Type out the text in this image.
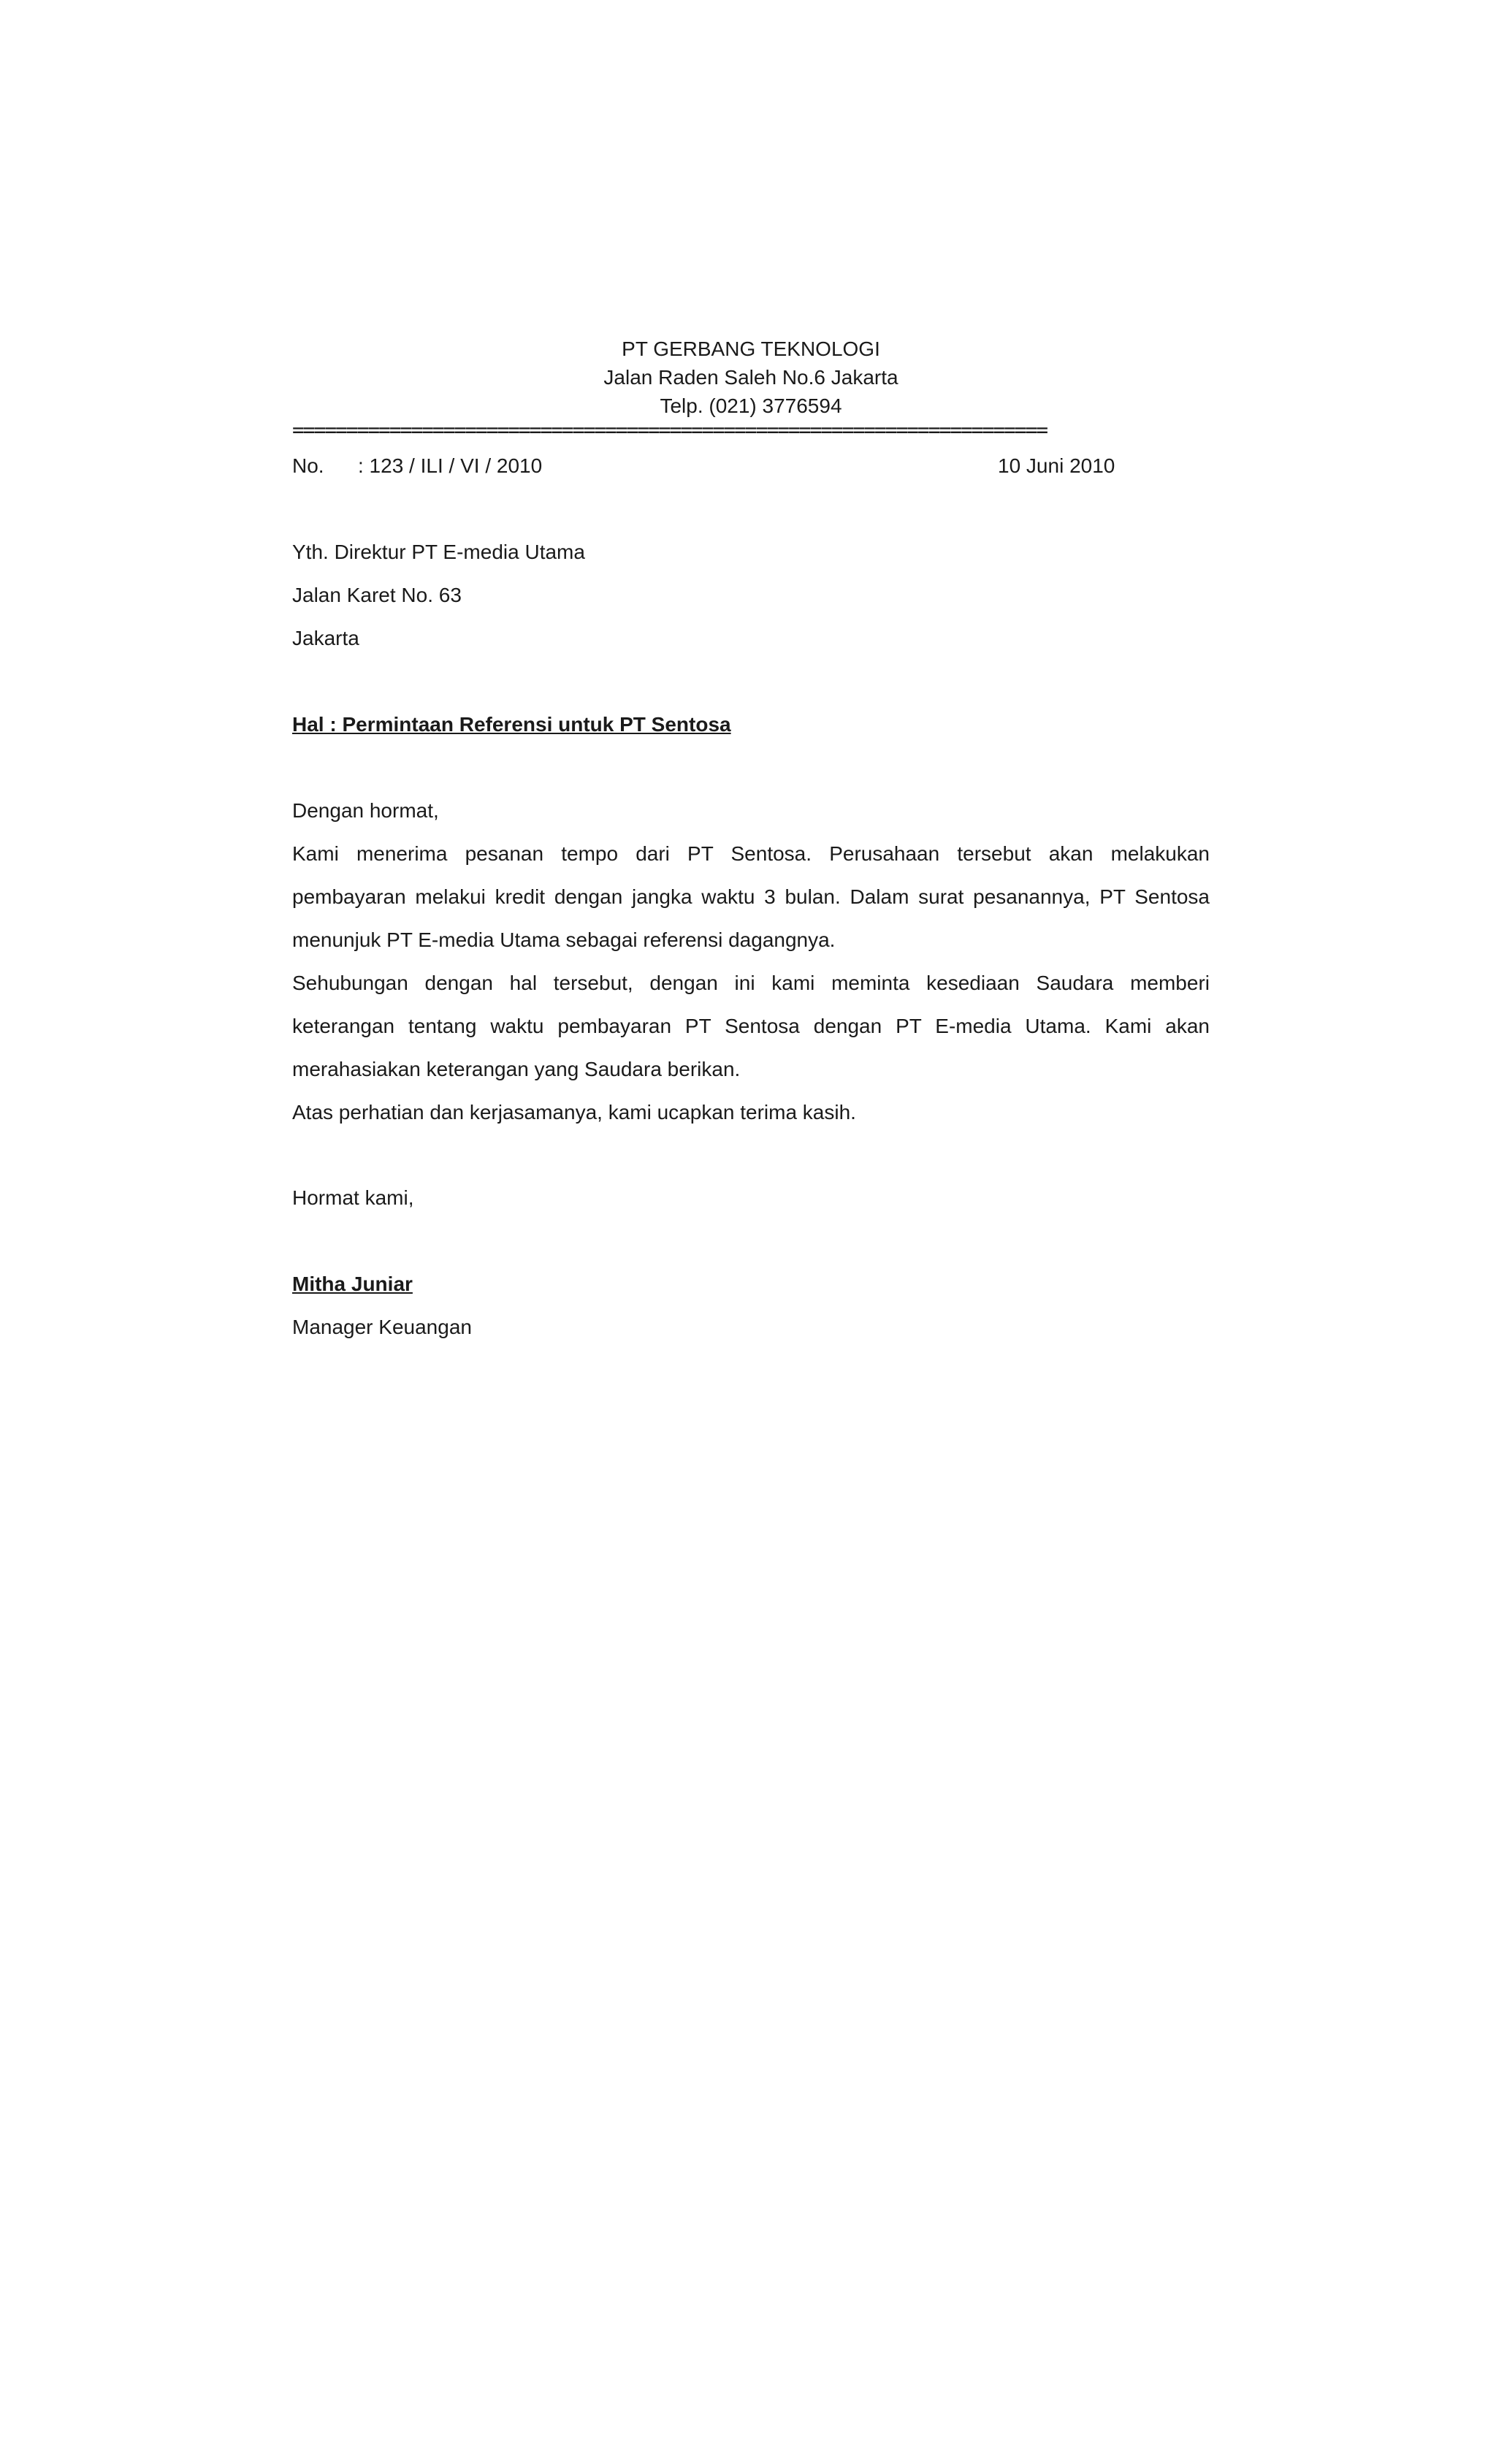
PT GERBANG TEKNOLOGI
Jalan Raden Saleh No.6 Jakarta
Telp. (021) 3776594
======================================================================
No. : 123 / ILI / VI / 2010	10 Juni 2010
Yth. Direktur PT E-media Utama
Jalan Karet No. 63
Jakarta
Hal : Permintaan Referensi untuk PT Sentosa
Dengan hormat,
Kami menerima pesanan tempo dari PT Sentosa. Perusahaan tersebut akan melakukan
pembayaran melakui kredit dengan jangka waktu 3 bulan. Dalam surat pesanannya, PT Sentosa
menunjuk PT E-media Utama sebagai referensi dagangnya.
Sehubungan dengan hal tersebut, dengan ini kami meminta kesediaan Saudara memberi
keterangan tentang waktu pembayaran PT Sentosa dengan PT E-media Utama. Kami akan
merahasiakan keterangan yang Saudara berikan.
Atas perhatian dan kerjasamanya, kami ucapkan terima kasih.
Hormat kami,
Mitha Juniar
Manager Keuangan
